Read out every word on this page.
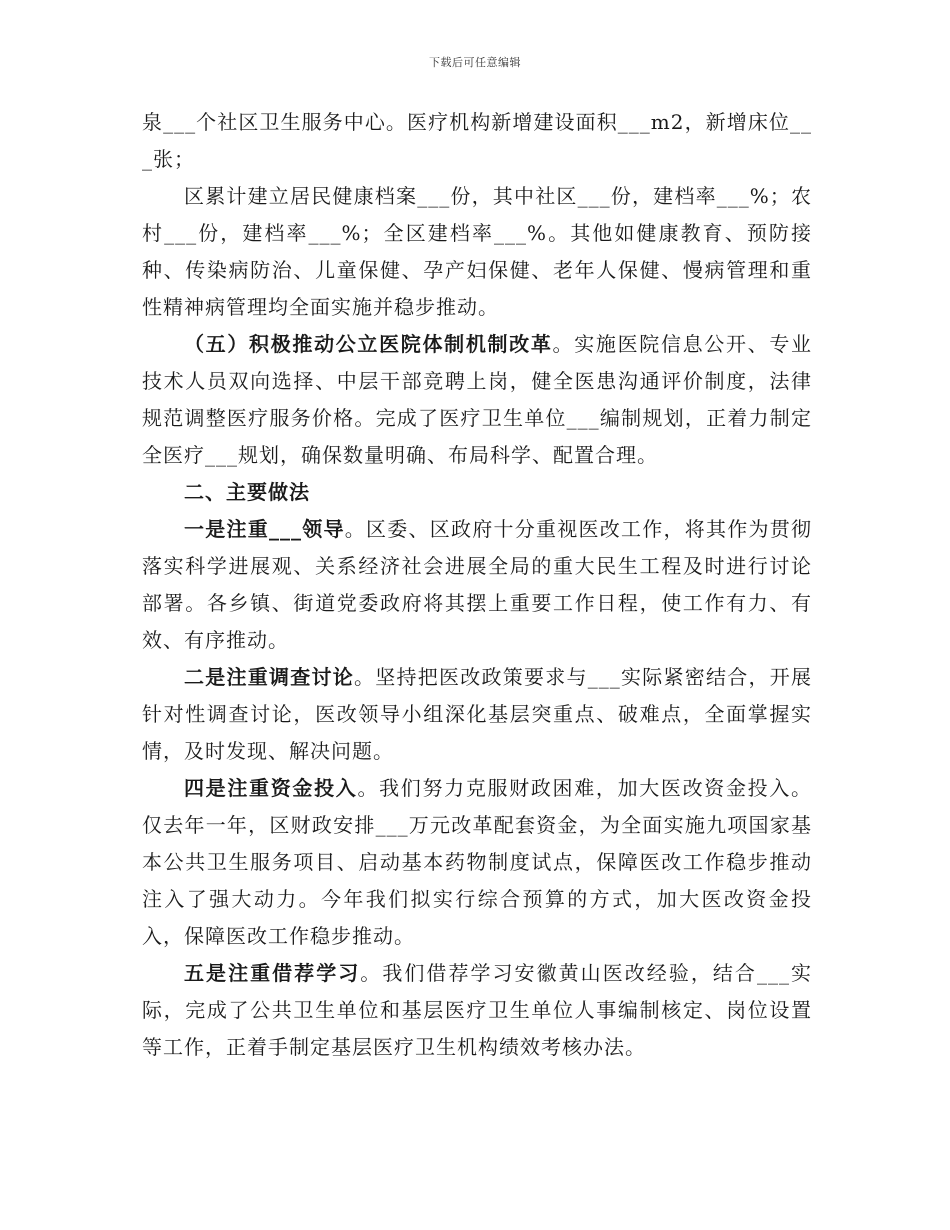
下载后可任意编辑

泉___个社区卫生服务中心。医疗机构新增建设面积___m2，新增床位___张；

区累计建立居民健康档案___份，其中社区___份，建档率___%；农村___份，建档率___%；全区建档率___%。其他如健康教育、预防接种、传染病防治、儿童保健、孕产妇保健、老年人保健、慢病管理和重性精神病管理均全面实施并稳步推动。

（五）积极推动公立医院体制机制改革。实施医院信息公开、专业技术人员双向选择、中层干部竞聘上岗，健全医患沟通评价制度，法律规范调整医疗服务价格。完成了医疗卫生单位___编制规划，正着力制定全医疗___规划，确保数量明确、布局科学、配置合理。

二、主要做法

一是注重___领导。区委、区政府十分重视医改工作，将其作为贯彻落实科学进展观、关系经济社会进展全局的重大民生工程及时进行讨论部署。各乡镇、街道党委政府将其摆上重要工作日程，使工作有力、有效、有序推动。

二是注重调查讨论。坚持把医改政策要求与___实际紧密结合，开展针对性调查讨论，医改领导小组深化基层突重点、破难点，全面掌握实情，及时发现、解决问题。

四是注重资金投入。我们努力克服财政困难，加大医改资金投入。仅去年一年，区财政安排___万元改革配套资金，为全面实施九项国家基本公共卫生服务项目、启动基本药物制度试点，保障医改工作稳步推动注入了强大动力。今年我们拟实行综合预算的方式，加大医改资金投入，保障医改工作稳步推动。

五是注重借荐学习。我们借荐学习安徽黄山医改经验，结合___实际，完成了公共卫生单位和基层医疗卫生单位人事编制核定、岗位设置等工作，正着手制定基层医疗卫生机构绩效考核办法。
